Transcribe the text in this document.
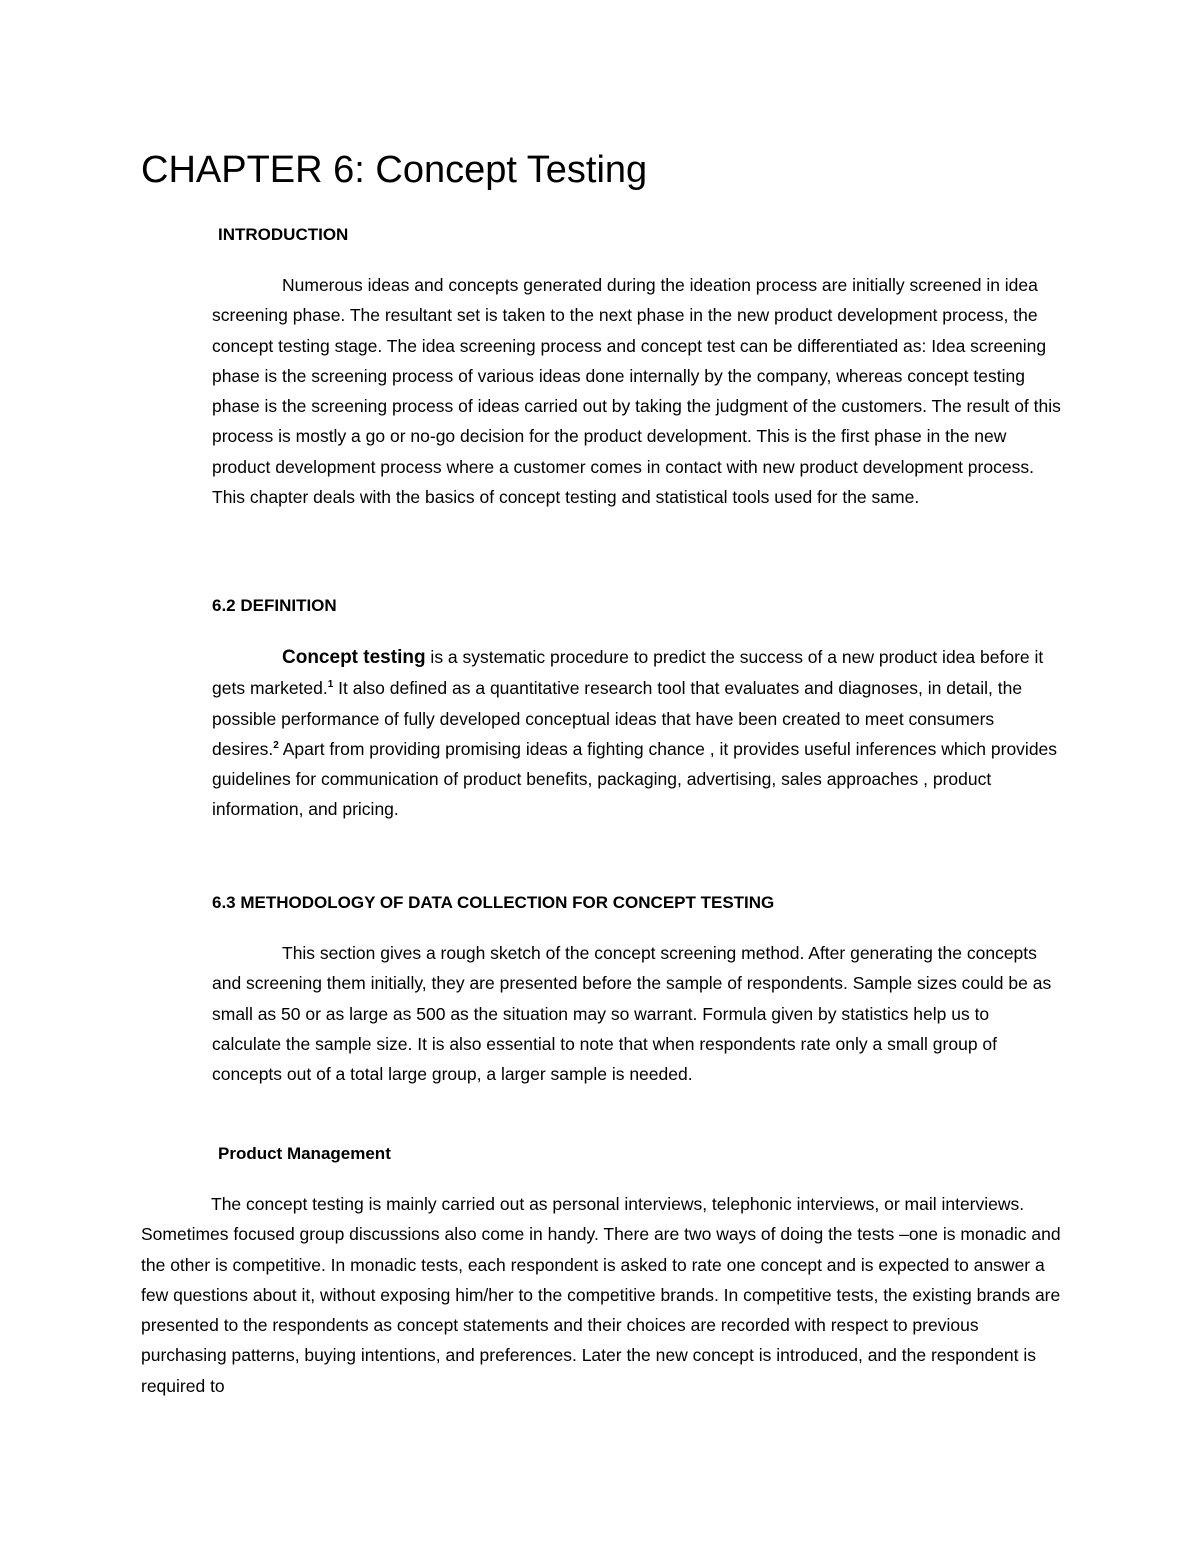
CHAPTER 6: Concept Testing
INTRODUCTION

Numerous ideas and concepts generated during the ideation process are initially screened in idea screening phase. The resultant set is taken to the next phase in the new product development process, the concept testing stage. The idea screening process and concept test can be differentiated as: Idea screening phase is the screening process of various ideas done internally by the company, whereas concept testing phase is the screening process of ideas carried out by taking the judgment of the customers. The result of this process is mostly a go or no-go decision for the product development. This is the first phase in the new product development process where a customer comes in contact with new product development process. This chapter deals with the basics of concept testing and statistical tools used for the same.

6.2 DEFINITION

Concept testing is a systematic procedure to predict the success of a new product idea before it gets marketed.$^1$ It also defined as a quantitative research tool that evaluates and diagnoses, in detail, the possible performance of fully developed conceptual ideas that have been created to meet consumers desires.$^2$ Apart from providing promising ideas a fighting chance , it provides useful inferences which provides guidelines for communication of product benefits, packaging, advertising, sales approaches , product information, and pricing.

6.3 METHODOLOGY OF DATA COLLECTION FOR CONCEPT TESTING

This section gives a rough sketch of the concept screening method. After generating the concepts and screening them initially, they are presented before the sample of respondents. Sample sizes could be as small as 50 or as large as 500 as the situation may so warrant. Formula given by statistics help us to calculate the sample size. It is also essential to note that when respondents rate only a small group of concepts out of a total large group, a larger sample is needed.

Product Management

The concept testing is mainly carried out as personal interviews, telephonic interviews, or mail interviews. Sometimes focused group discussions also come in handy. There are two ways of doing the tests –one is monadic and the other is competitive. In monadic tests, each respondent is asked to rate one concept and is expected to answer a few questions about it, without exposing him/her to the competitive brands. In competitive tests, the existing brands are presented to the respondents as concept statements and their choices are recorded with respect to previous purchasing patterns, buying intentions, and preferences. Later the new concept is introduced, and the respondent is required to
